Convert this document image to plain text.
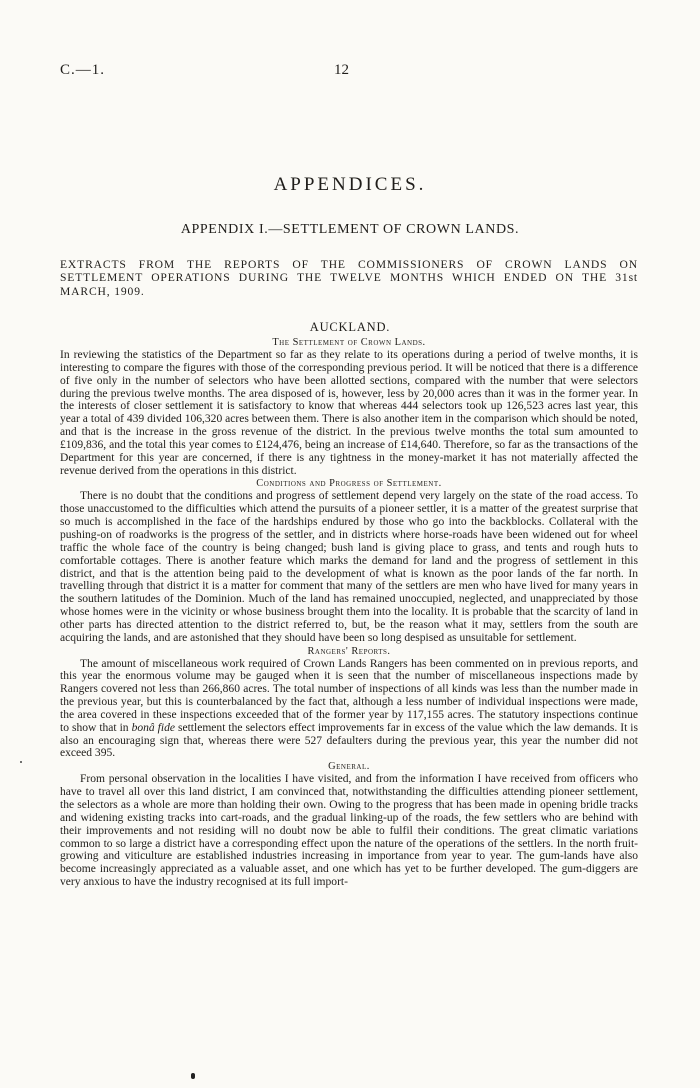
C.—1.	12
APPENDICES.
APPENDIX I.—SETTLEMENT OF CROWN LANDS.
EXTRACTS FROM THE REPORTS OF THE COMMISSIONERS OF CROWN LANDS ON SETTLEMENT OPERATIONS DURING THE TWELVE MONTHS WHICH ENDED ON THE 31st MARCH, 1909.
AUCKLAND.

The Settlement of Crown Lands.

In reviewing the statistics of the Department so far as they relate to its operations during a period of twelve months, it is interesting to compare the figures with those of the corresponding previous period. It will be noticed that there is a difference of five only in the number of selectors who have been allotted sections, compared with the number that were selectors during the previous twelve months. The area disposed of is, however, less by 20,000 acres than it was in the former year. In the interests of closer settlement it is satisfactory to know that whereas 444 selectors took up 126,523 acres last year, this year a total of 439 divided 106,320 acres between them. There is also another item in the comparison which should be noted, and that is the increase in the gross revenue of the district. In the previous twelve months the total sum amounted to £109,836, and the total this year comes to £124,476, being an increase of £14,640. Therefore, so far as the transactions of the Department for this year are concerned, if there is any tightness in the money-market it has not materially affected the revenue derived from the operations in this district.

Conditions and Progress of Settlement.

There is no doubt that the conditions and progress of settlement depend very largely on the state of the road access. To those unaccustomed to the difficulties which attend the pursuits of a pioneer settler, it is a matter of the greatest surprise that so much is accomplished in the face of the hardships endured by those who go into the backblocks. Collateral with the pushing-on of roadworks is the progress of the settler, and in districts where horse-roads have been widened out for wheel traffic the whole face of the country is being changed; bush land is giving place to grass, and tents and rough huts to comfortable cottages. There is another feature which marks the demand for land and the progress of settlement in this district, and that is the attention being paid to the development of what is known as the poor lands of the far north. In travelling through that district it is a matter for comment that many of the settlers are men who have lived for many years in the southern latitudes of the Dominion. Much of the land has remained unoccupied, neglected, and unappreciated by those whose homes were in the vicinity or whose business brought them into the locality. It is probable that the scarcity of land in other parts has directed attention to the district referred to, but, be the reason what it may, settlers from the south are acquiring the lands, and are astonished that they should have been so long despised as unsuitable for settlement.

Rangers' Reports.

The amount of miscellaneous work required of Crown Lands Rangers has been commented on in previous reports, and this year the enormous volume may be gauged when it is seen that the number of miscellaneous inspections made by Rangers covered not less than 266,860 acres. The total number of inspections of all kinds was less than the number made in the previous year, but this is counterbalanced by the fact that, although a less number of individual inspections were made, the area covered in these inspections exceeded that of the former year by 117,155 acres. The statutory inspections continue to show that in bonâ fide settlement the selectors effect improvements far in excess of the value which the law demands. It is also an encouraging sign that, whereas there were 527 defaulters during the previous year, this year the number did not exceed 395.

General.

From personal observation in the localities I have visited, and from the information I have received from officers who have to travel all over this land district, I am convinced that, notwithstanding the difficulties attending pioneer settlement, the selectors as a whole are more than holding their own. Owing to the progress that has been made in opening bridle tracks and widening existing tracks into cart-roads, and the gradual linking-up of the roads, the few settlers who are behind with their improvements and not residing will no doubt now be able to fulfil their conditions. The great climatic variations common to so large a district have a corresponding effect upon the nature of the operations of the settlers. In the north fruit-growing and viticulture are established industries increasing in importance from year to year. The gum-lands have also become increasingly appreciated as a valuable asset, and one which has yet to be further developed. The gum-diggers are very anxious to have the industry recognised at its full import-
